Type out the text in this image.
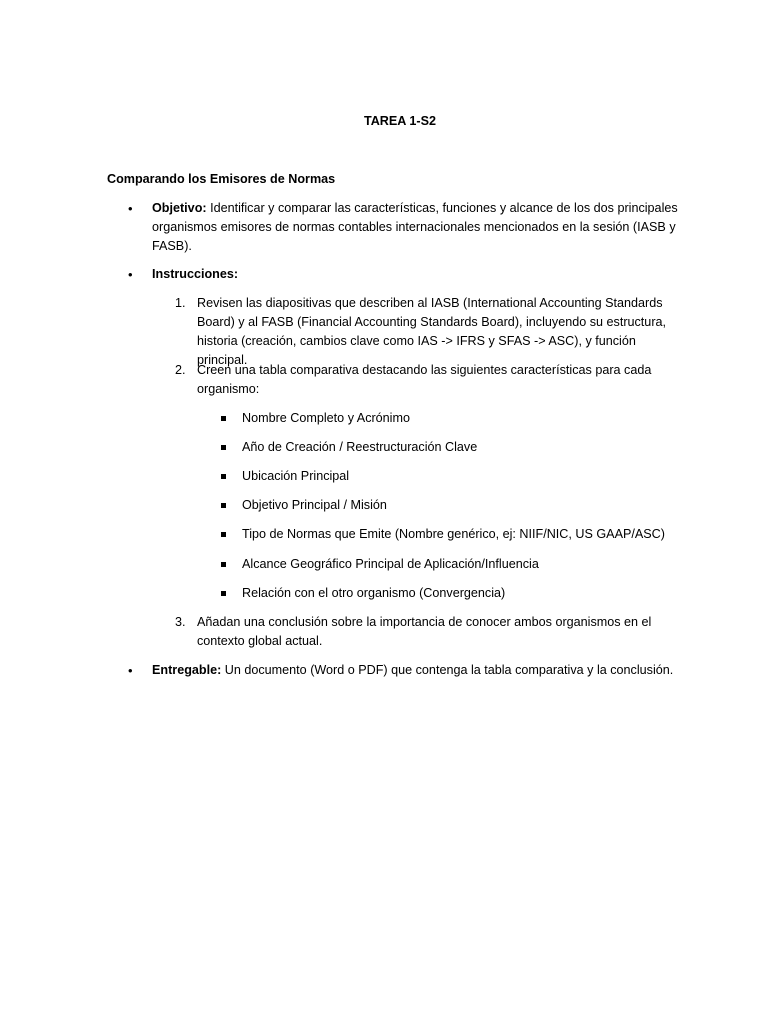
TAREA 1-S2
Comparando los Emisores de Normas
• Objetivo: Identificar y comparar las características, funciones y alcance de los dos principales organismos emisores de normas contables internacionales mencionados en la sesión (IASB y FASB).
• Instrucciones:
1. Revisen las diapositivas que describen al IASB (International Accounting Standards Board) y al FASB (Financial Accounting Standards Board), incluyendo su estructura, historia (creación, cambios clave como IAS -> IFRS y SFAS -> ASC), y función principal.
2. Creen una tabla comparativa destacando las siguientes características para cada organismo:
Nombre Completo y Acrónimo
Año de Creación / Reestructuración Clave
Ubicación Principal
Objetivo Principal / Misión
Tipo de Normas que Emite (Nombre genérico, ej: NIIF/NIC, US GAAP/ASC)
Alcance Geográfico Principal de Aplicación/Influencia
Relación con el otro organismo (Convergencia)
3. Añadan una conclusión sobre la importancia de conocer ambos organismos en el contexto global actual.
• Entregable: Un documento (Word o PDF) que contenga la tabla comparativa y la conclusión.
